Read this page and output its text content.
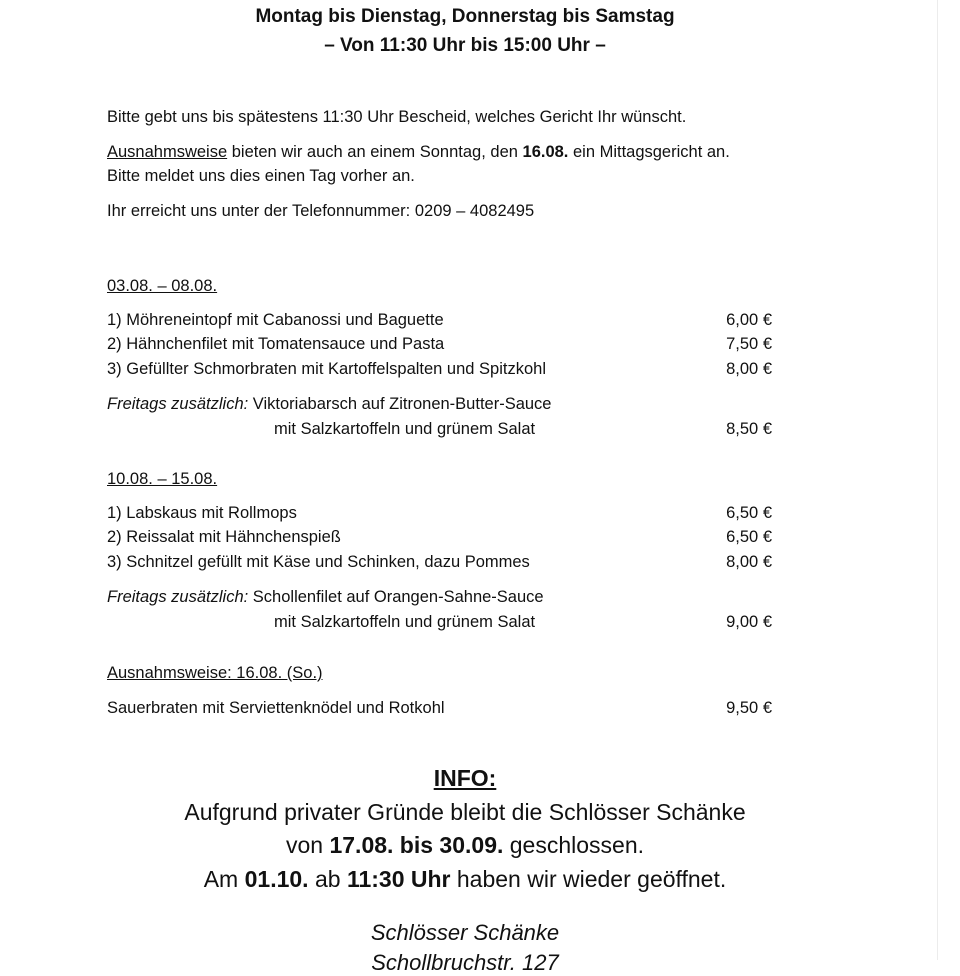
Montag bis Dienstag, Donnerstag bis Samstag
– Von 11:30 Uhr bis 15:00 Uhr –
Bitte gebt uns bis spätestens 11:30 Uhr Bescheid, welches Gericht Ihr wünscht.
Ausnahmsweise bieten wir auch an einem Sonntag, den 16.08. ein Mittagsgericht an.
Bitte meldet uns dies einen Tag vorher an.
Ihr erreicht uns unter der Telefonnummer: 0209 – 4082495
03.08. – 08.08.
1) Möhreneintopf mit Cabanossi und Baguette	6,00 €
2) Hähnchenfilet mit Tomatensauce und Pasta	7,50 €
3) Gefüllter Schmorbraten mit Kartoffelspalten und Spitzkohl	8,00 €
Freitags zusätzlich: Viktoriabarsch auf Zitronen-Butter-Sauce
mit Salzkartoffeln und grünem Salat	8,50 €
10.08. – 15.08.
1) Labskaus mit Rollmops	6,50 €
2) Reissalat mit Hähnchenspieß	6,50 €
3) Schnitzel gefüllt mit Käse und Schinken, dazu Pommes	8,00 €
Freitags zusätzlich: Schollenfilet auf Orangen-Sahne-Sauce
mit Salzkartoffeln und grünem Salat	9,00 €
Ausnahmsweise: 16.08. (So.)
Sauerbraten mit Serviettenknödel und Rotkohl	9,50 €
INFO:
Aufgrund privater Gründe bleibt die Schlösser Schänke
von 17.08. bis 30.09. geschlossen.
Am 01.10. ab 11:30 Uhr haben wir wieder geöffnet.
Schlösser Schänke
Schollbruchstr. 127
